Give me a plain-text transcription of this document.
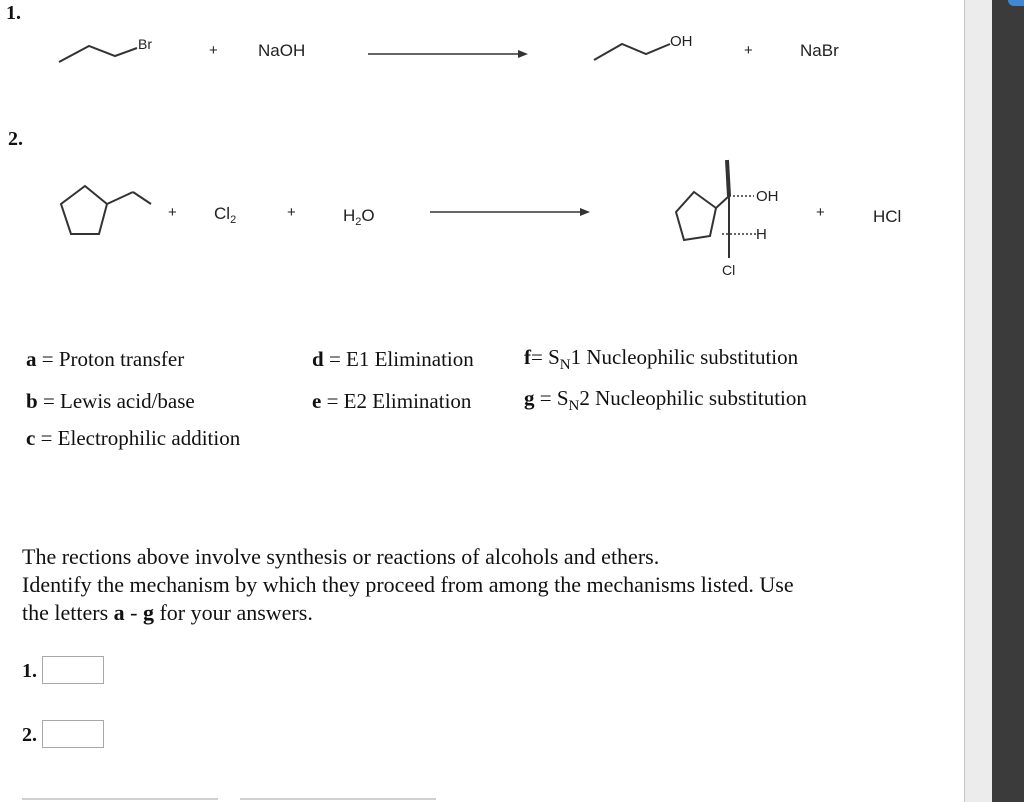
1.
Br	+ NaOH	OH
+	NaBr
2.
+ $Cl_2$	+	$H_2O$
OH
H
Cl
+	HCl
a = Proton transfer
b = Lewis acid/base
c = Electrophilic addition
d = E1 Elimination
e = E2 Elimination
$f= S_N1$ Nucleophilic substitution
$g = S_N2$ Nucleophilic substitution
The rections above involve synthesis or reactions of alcohols and ethers.
Identify the mechanism by which they proceed from among the mechanisms listed. Use
the letters a - g for your answers.
1.
2.
